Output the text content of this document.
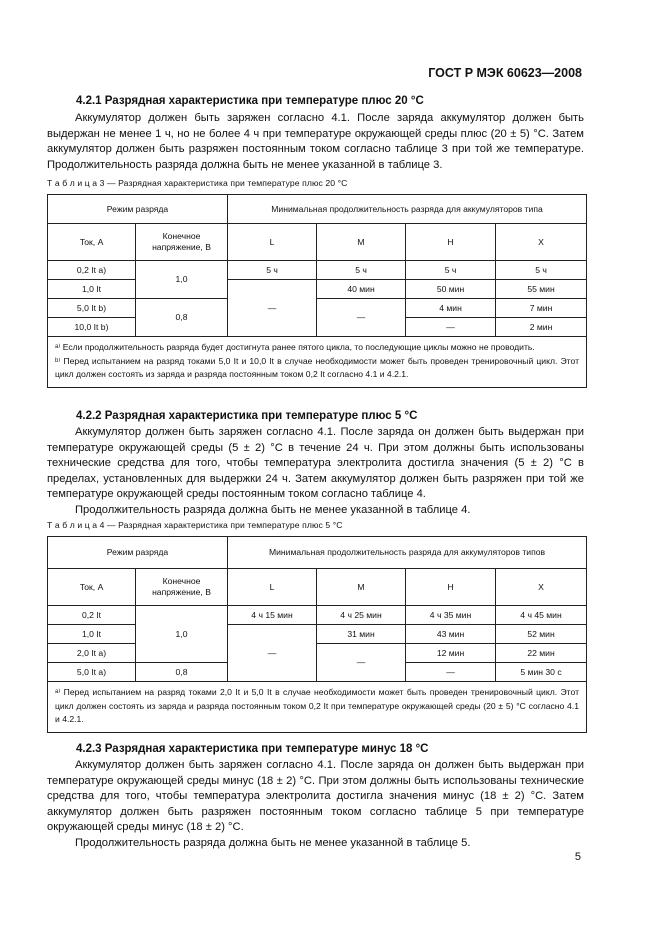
ГОСТ Р МЭК 60623—2008
4.2.1 Разрядная характеристика при температуре плюс 20 °С

Аккумулятор должен быть заряжен согласно 4.1. После заряда аккумулятор должен быть выдержан не менее 1 ч, но не более 4 ч при температуре окружающей среды плюс (20 ± 5) °С. Затем аккумулятор должен быть разряжен постоянным током согласно таблице 3 при той же температуре. Продолжительность разряда должна быть не менее указанной в таблице 3.

Т а б л и ц а 3 — Разрядная характеристика при температуре плюс 20 °С
Режим разряда		Минимальная продолжительность разряда для аккумуляторов типа			
Ток, А	Конечное напряжение, В	L	M	H	X
0,2 It a)	1,0	5 ч	5 ч	5 ч	5 ч
1,0 It		—	40 мин	50 мин	55 мин
5,0 It b)	0,8		—	4 мин	7 мин
10,0 It b)				—	2 мин

ᵃ⁾ Если продолжительность разряда будет достигнута ранее пятого цикла, то последующие циклы можно не проводить.
ᵇ⁾ Перед испытанием на разряд токами 5,0 It и 10,0 It в случае необходимости может быть проведен тренировочный цикл. Этот цикл должен состоять из заряда и разряда постоянным током 0,2 It согласно 4.1 и 4.2.1.					
4.2.2 Разрядная характеристика при температуре плюс 5 °С

Аккумулятор должен быть заряжен согласно 4.1. После заряда он должен быть выдержан при температуре окружающей среды (5 ± 2) °С в течение 24 ч. При этом должны быть использованы технические средства для того, чтобы температура электролита достигла значения (5 ± 2) °С в пределах, установленных для выдержки 24 ч. Затем аккумулятор должен быть разряжен при той же температуре окружающей среды постоянным током согласно таблице 4.

Продолжительность разряда должна быть не менее указанной в таблице 4.

Т а б л и ц а 4 — Разрядная характеристика при температуре плюс 5 °С
Режим разряда		Минимальная продолжительность разряда для аккумуляторов типов			
Ток, А	Конечное напряжение, В	L	M	H	X
0,2 It	1,0	4 ч 15 мин	4 ч 25 мин	4 ч 35 мин	4 ч 45 мин
1,0 It		—	31 мин	43 мин	52 мин
2,0 It a)			—	12 мин	22 мин
5,0 It a)	0,8			—	5 мин 30 с

ᵃ⁾ Перед испытанием на разряд токами 2,0 It и 5,0 It в случае необходимости может быть проведен тренировочный цикл. Этот цикл должен состоять из заряда и разряда постоянным током 0,2 It при температуре окружающей среды (20 ± 5) °С согласно 4.1 и 4.2.1.					
4.2.3 Разрядная характеристика при температуре минус 18 °С

Аккумулятор должен быть заряжен согласно 4.1. После заряда он должен быть выдержан при температуре окружающей среды минус (18 ± 2) °С. При этом должны быть использованы технические средства для того, чтобы температура электролита достигла значения минус (18 ± 2) °С. Затем аккумулятор должен быть разряжен постоянным током согласно таблице 5 при температуре окружающей среды минус (18 ± 2) °С.

Продолжительность разряда должна быть не менее указанной в таблице 5.

5
